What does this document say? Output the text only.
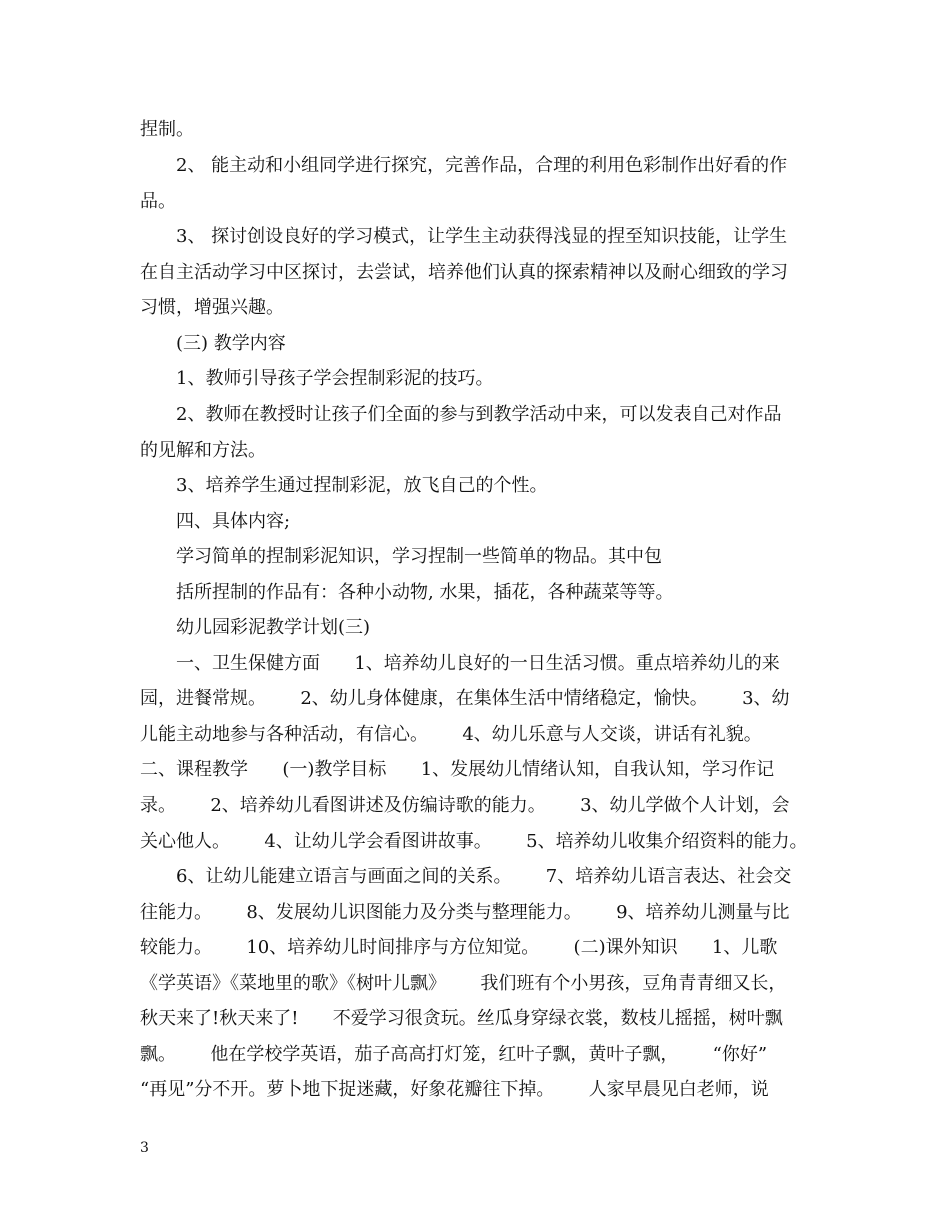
捏制。
2、 能主动和小组同学进行探究，完善作品，合理的利用色彩制作出好看的作
品。
3、 探讨创设良好的学习模式，让学生主动获得浅显的捏至知识技能，让学生
在自主活动学习中区探讨，去尝试，培养他们认真的探索精神以及耐心细致的学习
习惯，增强兴趣。
(三) 教学内容
1、教师引导孩子学会捏制彩泥的技巧。
2、教师在教授时让孩子们全面的参与到教学活动中来，可以发表自己对作品
的见解和方法。
3、培养学生通过捏制彩泥，放飞自己的个性。
四、具体内容;
学习简单的捏制彩泥知识，学习捏制一些简单的物品。其中包
括所捏制的作品有：各种小动物, 水果，插花，各种蔬菜等等。
幼儿园彩泥教学计划(三)
一、卫生保健方面      1、培养幼儿良好的一日生活习惯。重点培养幼儿的来
园，进餐常规。      2、幼儿身体健康，在集体生活中情绪稳定，愉快。      3、幼
儿能主动地参与各种活动，有信心。      4、幼儿乐意与人交谈，讲话有礼貌。
二、课程教学      (一)教学目标      1、发展幼儿情绪认知，自我认知，学习作记
录。      2、培养幼儿看图讲述及仿编诗歌的能力。      3、幼儿学做个人计划，会
关心他人。      4、让幼儿学会看图讲故事。      5、培养幼儿收集介绍资料的能力。
6、让幼儿能建立语言与画面之间的关系。      7、培养幼儿语言表达、社会交
往能力。      8、发展幼儿识图能力及分类与整理能力。      9、培养幼儿测量与比
较能力。      10、培养幼儿时间排序与方位知觉。      (二)课外知识      1、儿歌
《学英语》《菜地里的歌》《树叶儿飘》      我们班有个小男孩，豆角青青细又长，
秋天来了!秋天来了!      不爱学习很贪玩。丝瓜身穿绿衣裳，数枝儿摇摇，树叶飘
飘。      他在学校学英语，茄子高高打灯笼，红叶子飘，黄叶子飘，      “你好”
“再见”分不开。萝卜地下捉迷藏，好象花瓣往下掉。      人家早晨见白老师，说
3
